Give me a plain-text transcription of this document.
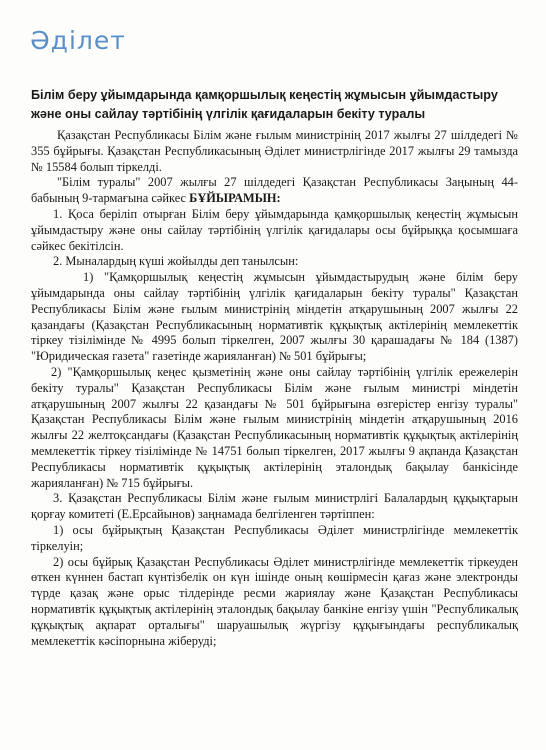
Әділет
Білім беру ұйымдарында қамқоршылық кеңестің жұмысын ұйымдастыру және оны сайлау тәртібінің үлгілік қағидаларын бекіту туралы

Қазақстан Республикасы Білім және ғылым министрінің 2017 жылғы 27 шілдедегі № 355 бұйрығы. Қазақстан Республикасының Әділет министрлігінде 2017 жылғы 29 тамызда № 15584 болып тіркелді.

"Білім туралы" 2007 жылғы 27 шілдедегі Қазақстан Республикасы Заңының 44-бабының 9-тармағына сәйкес БҰЙЫРАМЫН:

1. Қоса беріліп отырған Білім беру ұйымдарында қамқоршылық кеңестің жұмысын ұйымдастыру және оны сайлау тәртібінің үлгілік қағидалары осы бұйрыққа қосымшаға сәйкес бекітілсін.

2. Мыналардың күші жойылды деп танылсын:

1) "Қамқоршылық кеңестің жұмысын ұйымдастырудың және білім беру ұйымдарында оны сайлау тәртібінің үлгілік қағидаларын бекіту туралы" Қазақстан Республикасы Білім және ғылым министрінің міндетін атқарушының 2007 жылғы 22 қазандағы (Қазақстан Республикасының нормативтік құқықтық актілерінің мемлекеттік тіркеу тізілімінде № 4995 болып тіркелген, 2007 жылғы 30 қарашадағы № 184 (1387) "Юридическая газета" газетінде жарияланған) № 501 бұйрығы;

2) "Қамқоршылық кеңес қызметінің және оны сайлау тәртібінің үлгілік ережелерін бекіту туралы" Қазақстан Республикасы Білім және ғылым министрі міндетін атқарушының 2007 жылғы 22 қазандағы № 501 бұйрығына өзгерістер енгізу туралы" Қазақстан Республикасы Білім және ғылым министрінің міндетін атқарушының 2016 жылғы 22 желтоқсандағы (Қазақстан Республикасының нормативтік құқықтық актілерінің мемлекеттік тіркеу тізілімінде № 14751 болып тіркелген, 2017 жылғы 9 ақпанда Қазақстан Республикасы нормативтік құқықтық актілерінің эталондық бақылау банкісінде жарияланған) № 715 бұйрығы.

3. Қазақстан Республикасы Білім және ғылым министрлігі Балалардың құқықтарын қорғау комитеті (Е.Ерсайынов) заңнамада белгіленген тәртіппен:

1) осы бұйрықтың Қазақстан Республикасы Әділет министрлігінде мемлекеттік тіркелуін;

2) осы бұйрық Қазақстан Республикасы Әділет министрлігінде мемлекеттік тіркеуден өткен күннен бастап күнтізбелік он күн ішінде оның көшірмесін қағаз және электронды түрде қазақ және орыс тілдерінде ресми жариялау және Қазақстан Республикасы нормативтік құқықтық актілерінің эталондық бақылау банкіне енгізу үшін "Республикалық құқықтық ақпарат орталығы" шаруашылық жүргізу құқығындағы республикалық мемлекеттік кәсіпорнына жіберуді;
